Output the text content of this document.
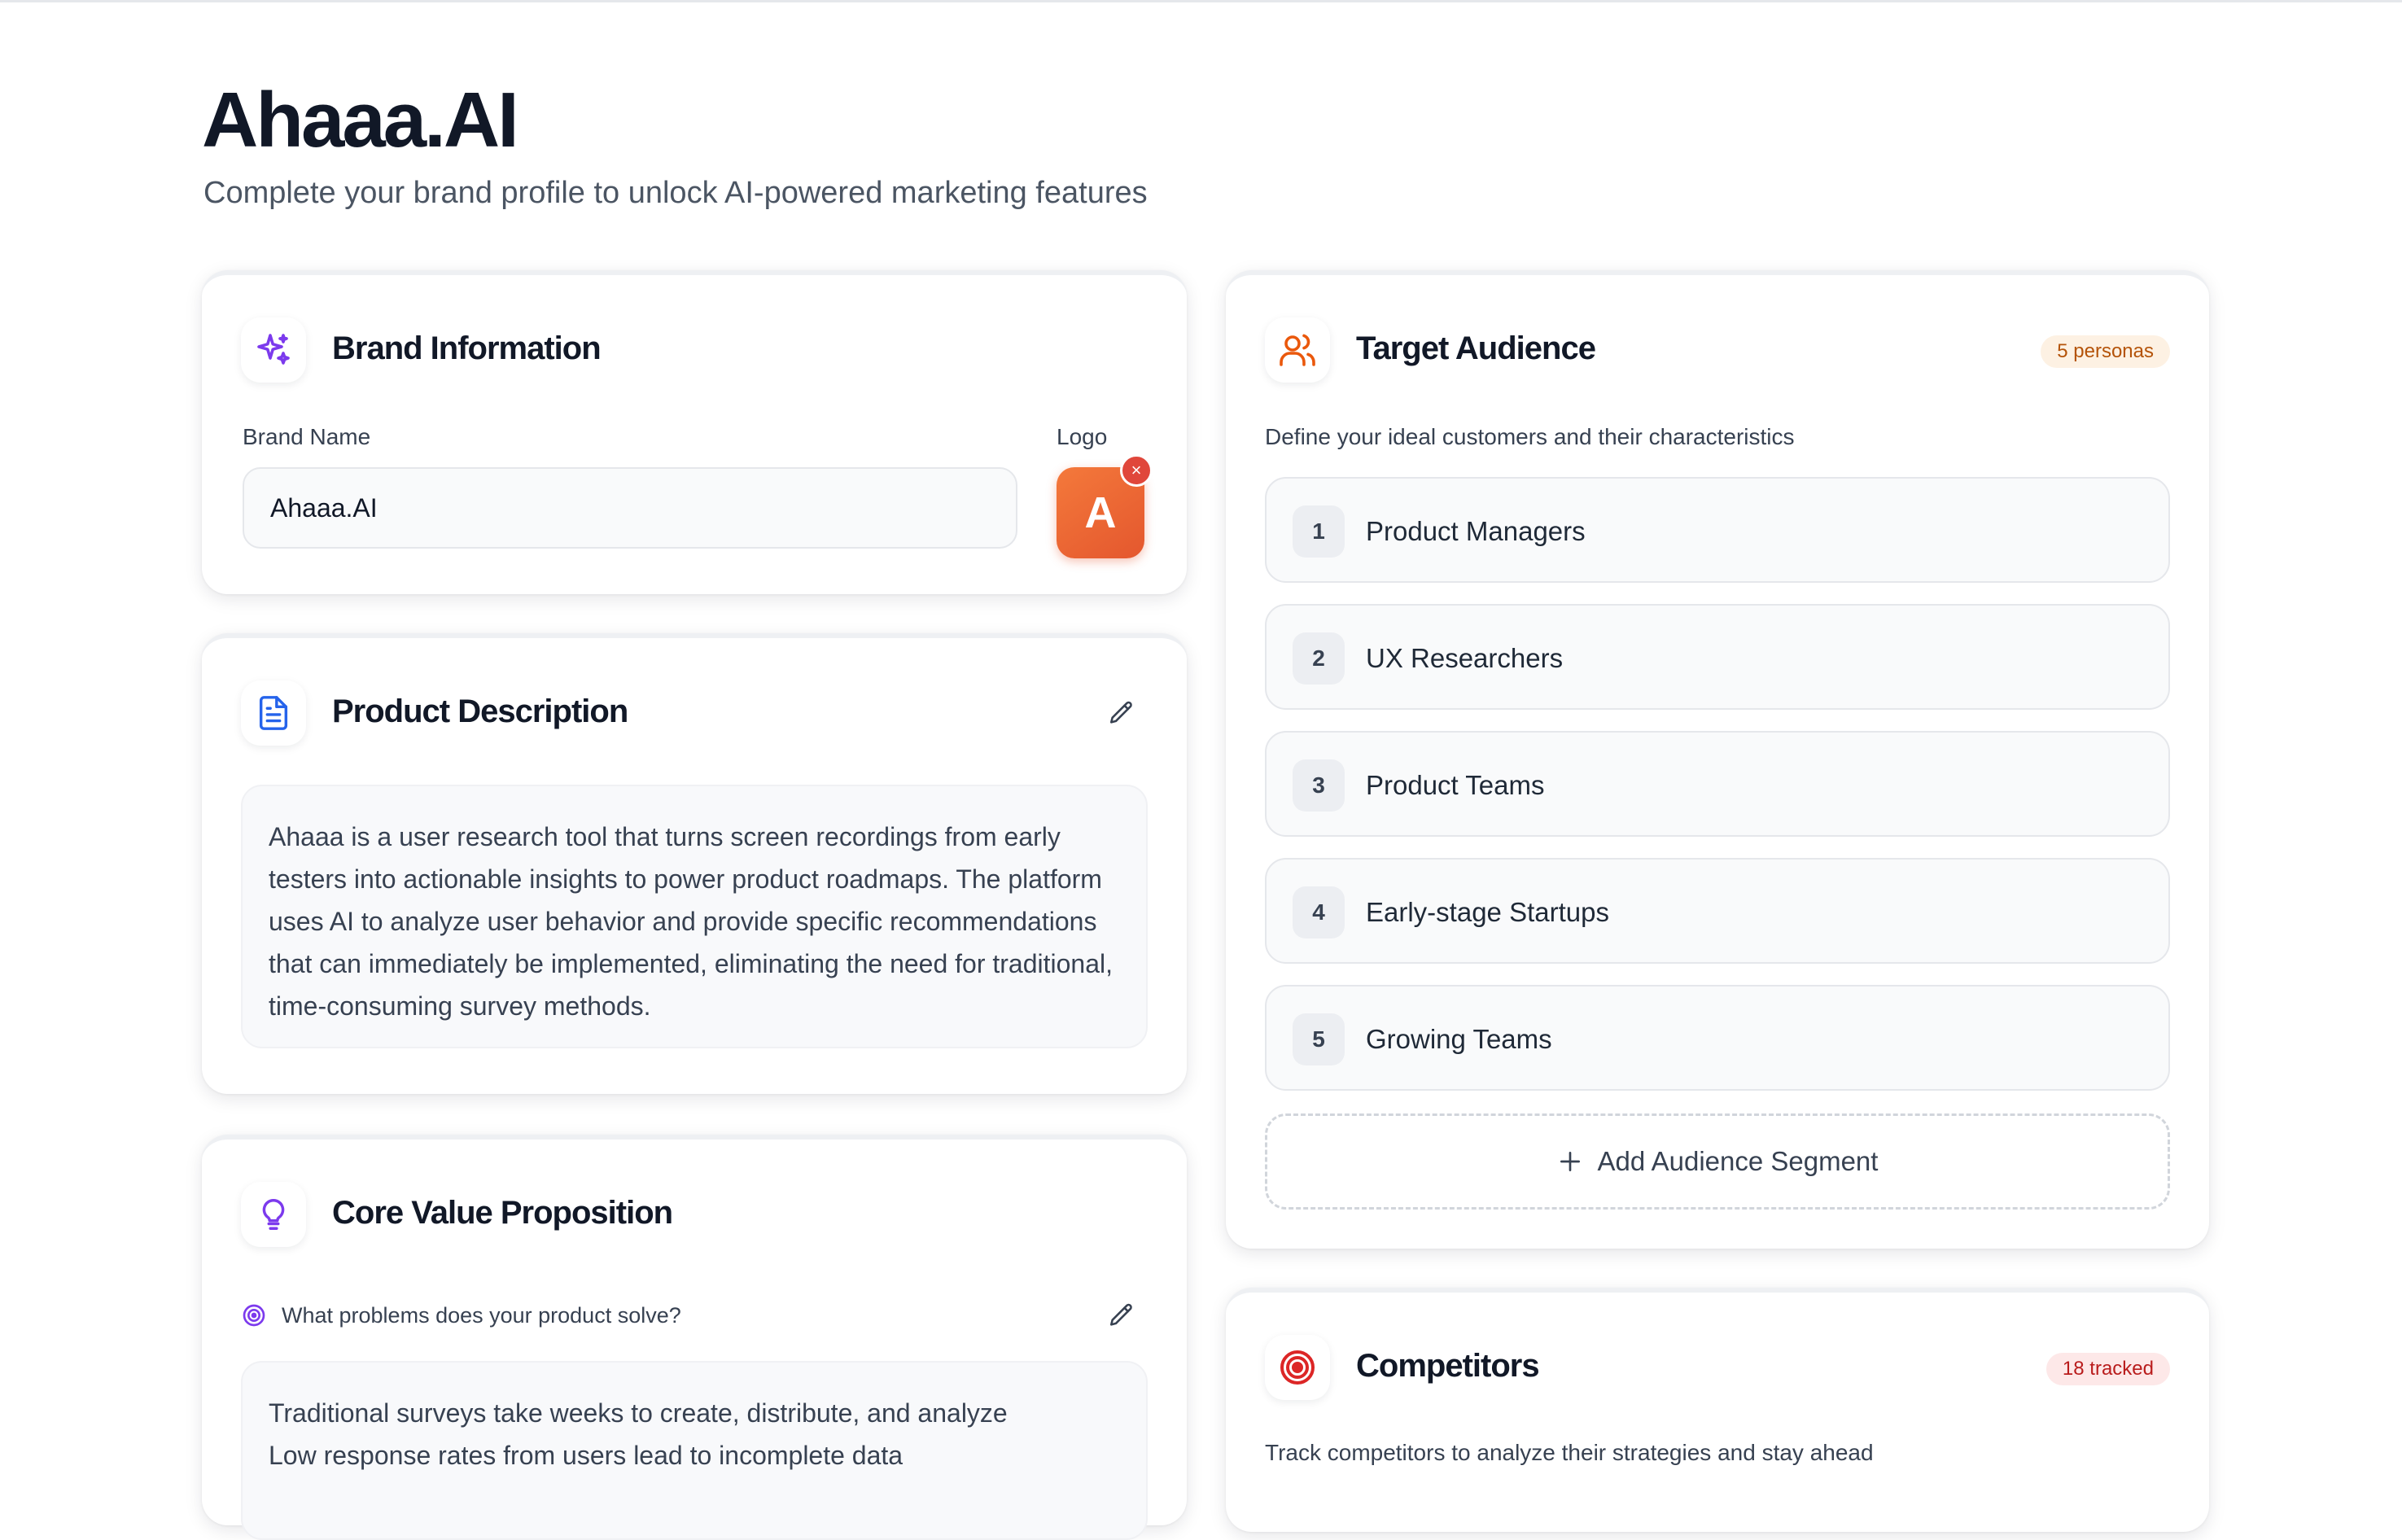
Ahaaa.AI

Complete your brand profile to unlock AI-powered marketing features

Brand Information
Brand Name
Ahaaa.AI
Logo
A
×
Product Description
Ahaaa is a user research tool that turns screen recordings from early testers into actionable insights to power product roadmaps. The platform uses AI to analyze user behavior and provide specific recommendations that can immediately be implemented, eliminating the need for traditional, time-consuming survey methods.
Core Value Proposition

What problems does your product solve?

Traditional surveys take weeks to create, distribute, and analyze
Low response rates from users lead to incomplete data
Target Audience	5 personas

Define your ideal customers and their characteristics

1	Product Managers
2	UX Researchers
3	Product Teams
4	Early-stage Startups
5	Growing Teams
Add Audience Segment
Competitors	18 tracked

Track competitors to analyze their strategies and stay ahead
